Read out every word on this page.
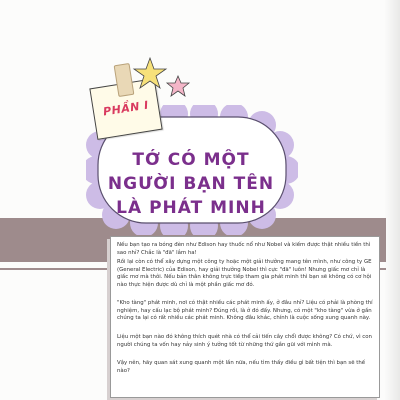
TỚ CÓ MỘT
NGƯỜI BẠN TÊN
LÀ PHÁT MINH
PHẦN I

Nếu bạn tạo ra bóng đèn như Edison hay thuốc nổ như Nobel và kiếm được thật nhiều tiền thì sao nhỉ? Chắc là "đã" lắm ha!

Rồi lại còn có thể xây dựng một công ty hoặc một giải thưởng mang tên mình, như công ty GE (General Electric) của Edison, hay giải thưởng Nobel thì cực "đã" luôn! Nhưng giấc mơ chỉ là giấc mơ mà thôi. Nếu bản thân không trực tiếp tham gia phát minh thì bạn sẽ không có cơ hội nào thực hiện được dù chỉ là một phần giấc mơ đó.

"Kho tàng" phát minh, nơi có thật nhiều các phát minh ấy, ở đâu nhỉ? Liệu có phải là phòng thí nghiệm, hay cấu lạc bộ phát minh? Đúng rồi, là ở đó đấy. Nhưng, có một "kho tàng" vừa ở gần chúng ta lại có rất nhiều các phát minh. Không đâu khác, chính là cuộc sống xung quanh này.

Liệu một bạn nào đó không thích quét nhà có thể cải tiến cây chổi được không? Có chứ, vì con người chúng ta vốn hay nảy sinh ý tưởng tốt từ những thứ gần gũi với mình mà.

Vậy nên, hãy quan sát xung quanh một lần nữa, nếu tìm thấy điều gì bất tiện thì bạn sẽ thế nào?
